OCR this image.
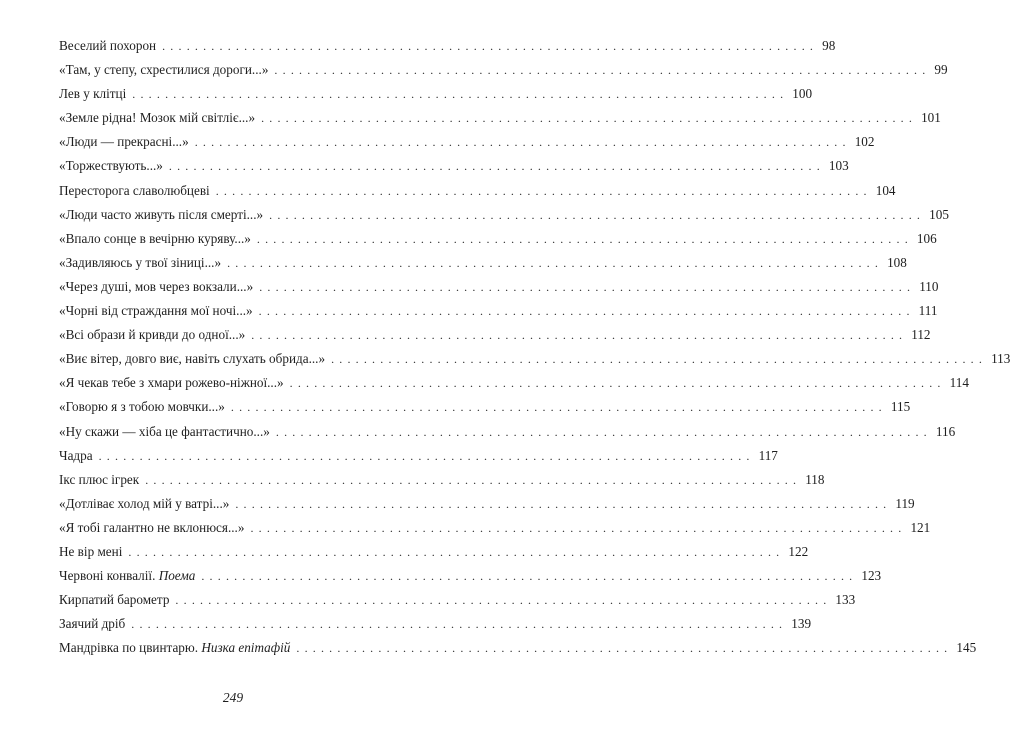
Веселий похорон ................................................................................ 98
«Там, у степу, схрестилися дороги...» ................................................................................ 99
Лев у клітці ................................................................................ 100
«Земле рідна! Мозок мій світліє...» ................................................................................ 101
«Люди — прекрасні...» ................................................................................ 102
«Торжествують...» ................................................................................ 103
Пересторога славолюбцеві ................................................................................ 104
«Люди часто живуть після смерті...» ................................................................................ 105
«Впало сонце в вечірню куряву...» ................................................................................ 106
«Задивляюсь у твої зіниці...» ................................................................................ 108
«Через душі, мов через вокзали...» ................................................................................ 110
«Чорні від страждання мої ночі...» ................................................................................ 111
«Всі образи й кривди до одної...» ................................................................................ 112
«Виє вітер, довго виє, навіть слухать обрида...» ................................................................................ 113
«Я чекав тебе з хмари рожево-ніжної...» ................................................................................ 114
«Говорю я з тобою мовчки...» ................................................................................ 115
«Ну скажи — хіба це фантастично...» ................................................................................ 116
Чадра ................................................................................ 117
Ікс плюс ігрек ................................................................................ 118
«Дотліває холод мій у ватрі...» ................................................................................ 119
«Я тобі галантно не вклонюся...» ................................................................................ 121
Не вір мені ................................................................................ 122
Червоні конвалії. Поема ................................................................................ 123
Кирпатий барометр ................................................................................ 133
Заячий дріб ................................................................................ 139
Мандрівка по цвинтарю. Низка епітафій ................................................................................ 145
249
